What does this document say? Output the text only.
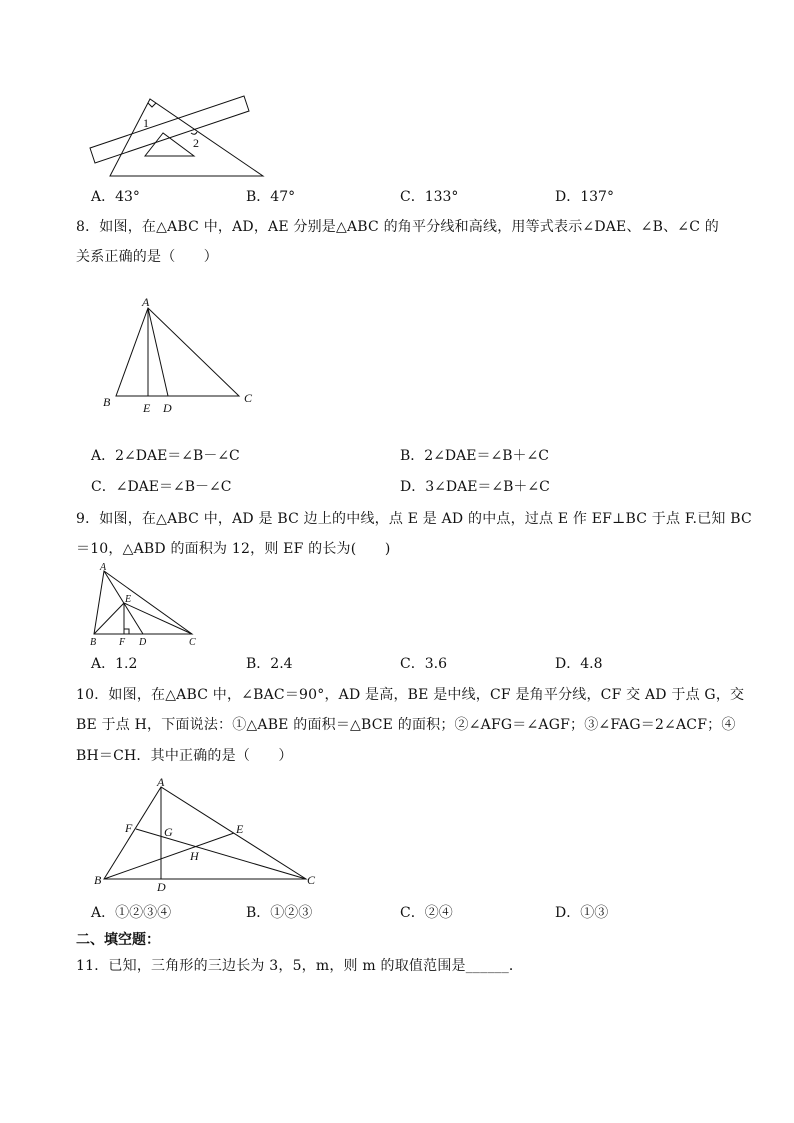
1
2
A．43°	B．47°	C．133°	D．137°
8．如图，在△ABC 中，AD，AE 分别是△ABC 的角平分线和高线，用等式表示∠DAE、∠B、∠C 的
关系正确的是（　　）
A
B	E D
C
A．2∠DAE＝∠B－∠C	B．2∠DAE＝∠B＋∠C
C．∠DAE＝∠B－∠C	D．3∠DAE＝∠B＋∠C
9．如图，在△ABC 中，AD 是 BC 边上的中线，点 E 是 AD 的中点，过点 E 作 EF⊥BC 于点 F.已知 BC
＝10，△ABD 的面积为 12，则 EF 的长为(　　)
A
E
B F D	C
A．1.2	B．2.4	C．3.6	D．4.8
10．如图，在△ABC 中，∠BAC＝90°，AD 是高，BE 是中线，CF 是角平分线，CF 交 AD 于点 G，交
BE 于点 H，下面说法：①△ABE 的面积＝△BCE 的面积；②∠AFG＝∠AGF；③∠FAG＝2∠ACF；④
BH＝CH．其中正确的是（　　）
A
F	G	E
H
B	D	C
A．①②③④	B．①②③	C．②④	D．①③
二、填空题：
11．已知，三角形的三边长为 3，5，m，则 m 的取值范围是______．
